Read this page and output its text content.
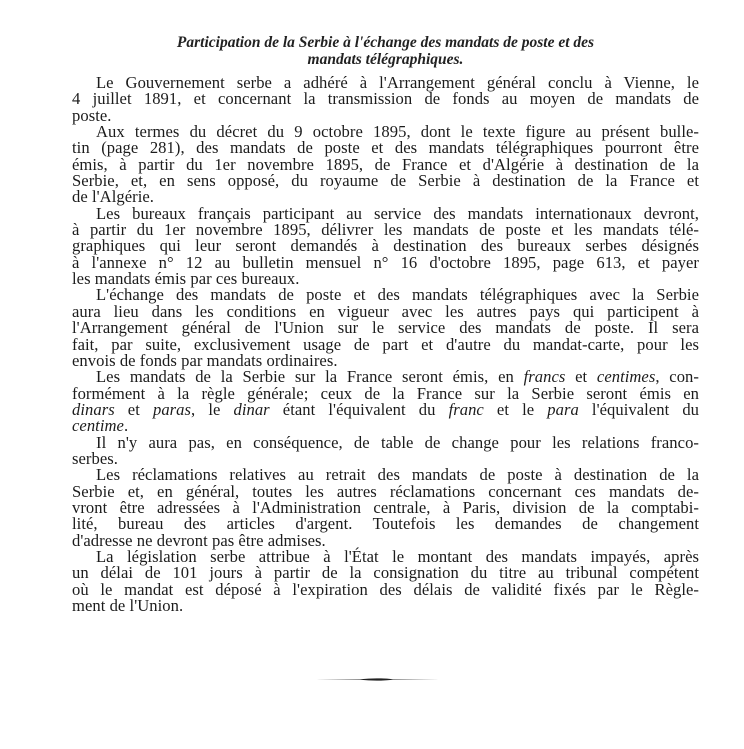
Participation de la Serbie à l'échange des mandats de poste et des
mandats télégraphiques.
Le Gouvernement serbe a adhéré à l'Arrangement général conclu à Vienne, le
4 juillet 1891, et concernant la transmission de fonds au moyen de mandats de
poste.
Aux termes du décret du 9 octobre 1895, dont le texte figure au présent bulle-
tin (page 281), des mandats de poste et des mandats télégraphiques pourront être
émis, à partir du 1er novembre 1895, de France et d'Algérie à destination de la
Serbie, et, en sens opposé, du royaume de Serbie à destination de la France et
de l'Algérie.
Les bureaux français participant au service des mandats internationaux devront,
à partir du 1er novembre 1895, délivrer les mandats de poste et les mandats télé-
graphiques qui leur seront demandés à destination des bureaux serbes désignés
à l'annexe n° 12 au bulletin mensuel n° 16 d'octobre 1895, page 613, et payer
les mandats émis par ces bureaux.
L'échange des mandats de poste et des mandats télégraphiques avec la Serbie
aura lieu dans les conditions en vigueur avec les autres pays qui participent à
l'Arrangement général de l'Union sur le service des mandats de poste. Il sera
fait, par suite, exclusivement usage de part et d'autre du mandat-carte, pour les
envois de fonds par mandats ordinaires.
Les mandats de la Serbie sur la France seront émis, en francs et centimes, con-
formément à la règle générale; ceux de la France sur la Serbie seront émis en
dinars et paras, le dinar étant l'équivalent du franc et le para l'équivalent du
centime.
Il n'y aura pas, en conséquence, de table de change pour les relations franco-
serbes.
Les réclamations relatives au retrait des mandats de poste à destination de la
Serbie et, en général, toutes les autres réclamations concernant ces mandats de-
vront être adressées à l'Administration centrale, à Paris, division de la comptabi-
lité, bureau des articles d'argent. Toutefois les demandes de changement
d'adresse ne devront pas être admises.
La législation serbe attribue à l'État le montant des mandats impayés, après
un délai de 101 jours à partir de la consignation du titre au tribunal compétent
où le mandat est déposé à l'expiration des délais de validité fixés par le Règle-
ment de l'Union.
